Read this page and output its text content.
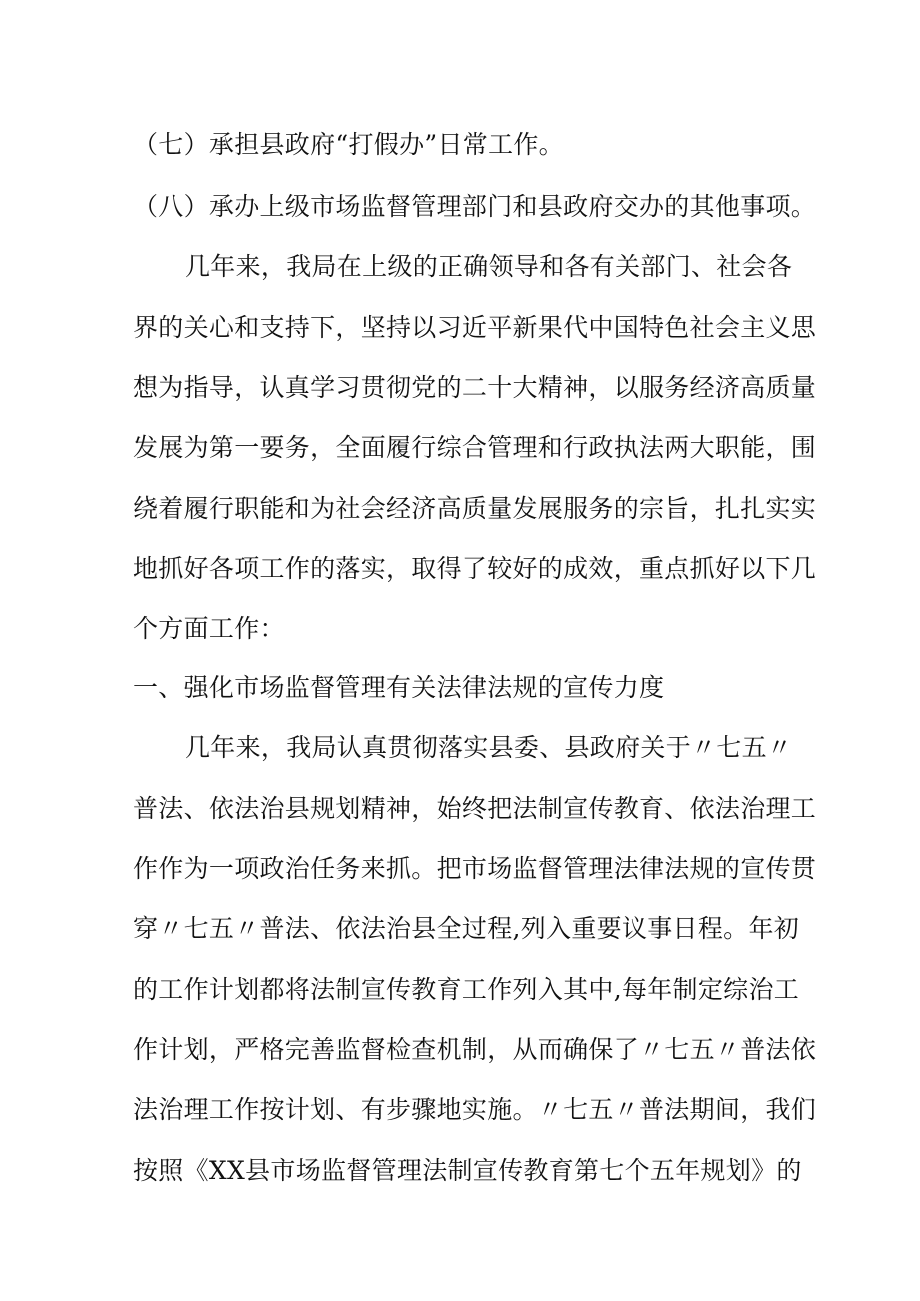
（七）承担县政府“打假办”日常工作。
（八）承办上级市场监督管理部门和县政府交办的其他事项。
几年来，我局在上级的正确领导和各有关部门、社会各
界的关心和支持下，坚持以习近平新果代中国特色社会主义思
想为指导，认真学习贯彻党的二十大精神，以服务经济高质量
发展为第一要务，全面履行综合管理和行政执法两大职能，围
绕着履行职能和为社会经济高质量发展服务的宗旨，扎扎实实
地抓好各项工作的落实，取得了较好的成效，重点抓好以下几
个方面工作：
一、强化市场监督管理有关法律法规的宣传力度
几年来，我局认真贯彻落实县委、县政府关于〃七五〃
普法、依法治县规划精神，始终把法制宣传教育、依法治理工
作作为一项政治任务来抓。把市场监督管理法律法规的宣传贯
穿〃七五〃普法、依法治县全过程,列入重要议事日程。年初
的工作计划都将法制宣传教育工作列入其中,每年制定综治工
作计划，严格完善监督检查机制，从而确保了〃七五〃普法依
法治理工作按计划、有步骤地实施。〃七五〃普法期间，我们
按照《XX县市场监督管理法制宣传教育第七个五年规划》的
